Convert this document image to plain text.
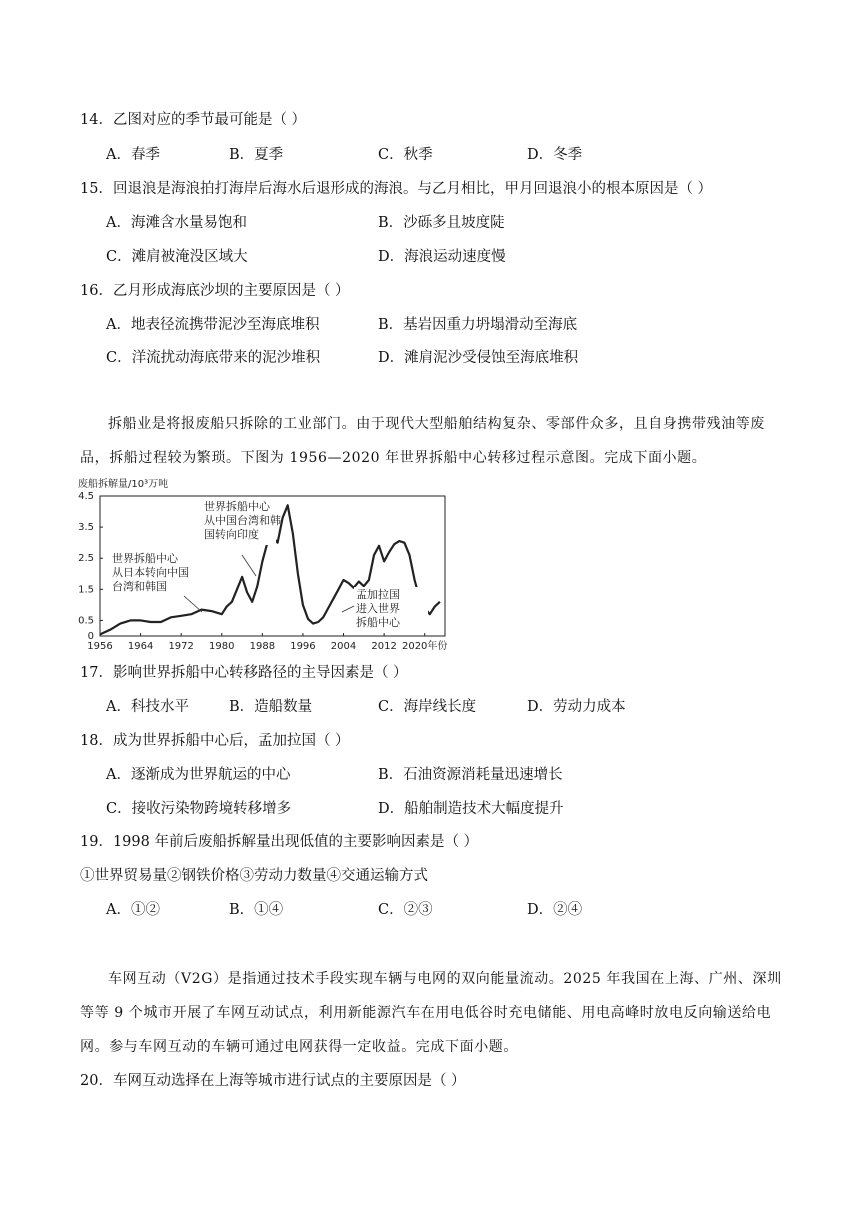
14．乙图对应的季节最可能是（ ）
A．春季	B．夏季	C．秋季	D．冬季
15．回退浪是海浪拍打海岸后海水后退形成的海浪。与乙月相比，甲月回退浪小的根本原因是（ ）
A．海滩含水量易饱和	B．沙砾多且坡度陡
C．滩肩被淹没区域大	D．海浪运动速度慢
16．乙月形成海底沙坝的主要原因是（ ）
A．地表径流携带泥沙至海底堆积	B．基岩因重力坍塌滑动至海底
C．洋流扰动海底带来的泥沙堆积	D．滩肩泥沙受侵蚀至海底堆积

拆船业是将报废船只拆除的工业部门。由于现代大型船舶结构复杂、零部件众多，且自身携带残油等废品，拆船过程较为繁琐。下图为 1956—2020 年世界拆船中心转移过程示意图。完成下面小题。

废船拆解量/10³万吨
0
0.5
1.5
2.5
3.5
4.5
1956 1964 1972 1980 1988 1996 2004 2012 2020年份
世界拆船中心从中国台湾和韩国转向印度
世界拆船中心从日本转向中国台湾和韩国
孟加拉国进入世界拆船中心
17．影响世界拆船中心转移路径的主导因素是（ ）
A．科技水平	B．造船数量	C．海岸线长度	D．劳动力成本
18．成为世界拆船中心后，孟加拉国（ ）
A．逐渐成为世界航运的中心	B．石油资源消耗量迅速增长
C．接收污染物跨境转移增多	D．船舶制造技术大幅度提升
19．1998 年前后废船拆解量出现低值的主要影响因素是（ ）
①世界贸易量②钢铁价格③劳动力数量④交通运输方式
A．①②	B．①④	C．②③	D．②④

车网互动（V2G）是指通过技术手段实现车辆与电网的双向能量流动。2025 年我国在上海、广州、深圳等等 9 个城市开展了车网互动试点，利用新能源汽车在用电低谷时充电储能、用电高峰时放电反向输送给电网。参与车网互动的车辆可通过电网获得一定收益。完成下面小题。

20．车网互动选择在上海等城市进行试点的主要原因是（ ）
